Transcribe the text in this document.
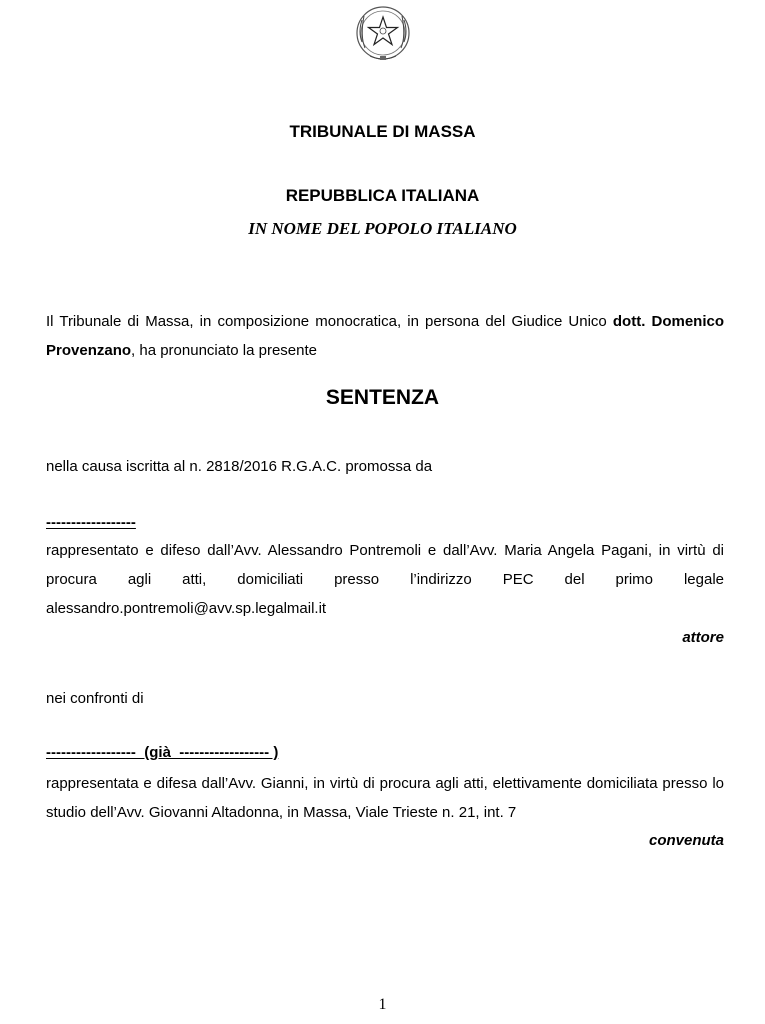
TRIBUNALE DI MASSA
REPUBBLICA ITALIANA
IN NOME DEL POPOLO ITALIANO
Il Tribunale di Massa, in composizione monocratica, in persona del Giudice Unico dott. Domenico Provenzano, ha pronunciato la presente
SENTENZA
nella causa iscritta al n. 2818/2016 R.G.A.C. promossa da
------------------
rappresentato e difeso dall’Avv. Alessandro Pontremoli e dall’Avv. Maria Angela Pagani, in virtù di procura agli atti, domiciliati presso l’indirizzo PEC del primo legale alessandro.pontremoli@avv.sp.legalmail.it
attore
nei confronti di
------------------  (già  ------------------ )
rappresentata e difesa dall’Avv. Gianni, in virtù di procura agli atti, elettivamente domiciliata presso lo studio dell’Avv. Giovanni Altadonna, in Massa, Viale Trieste n. 21, int. 7
convenuta
1
